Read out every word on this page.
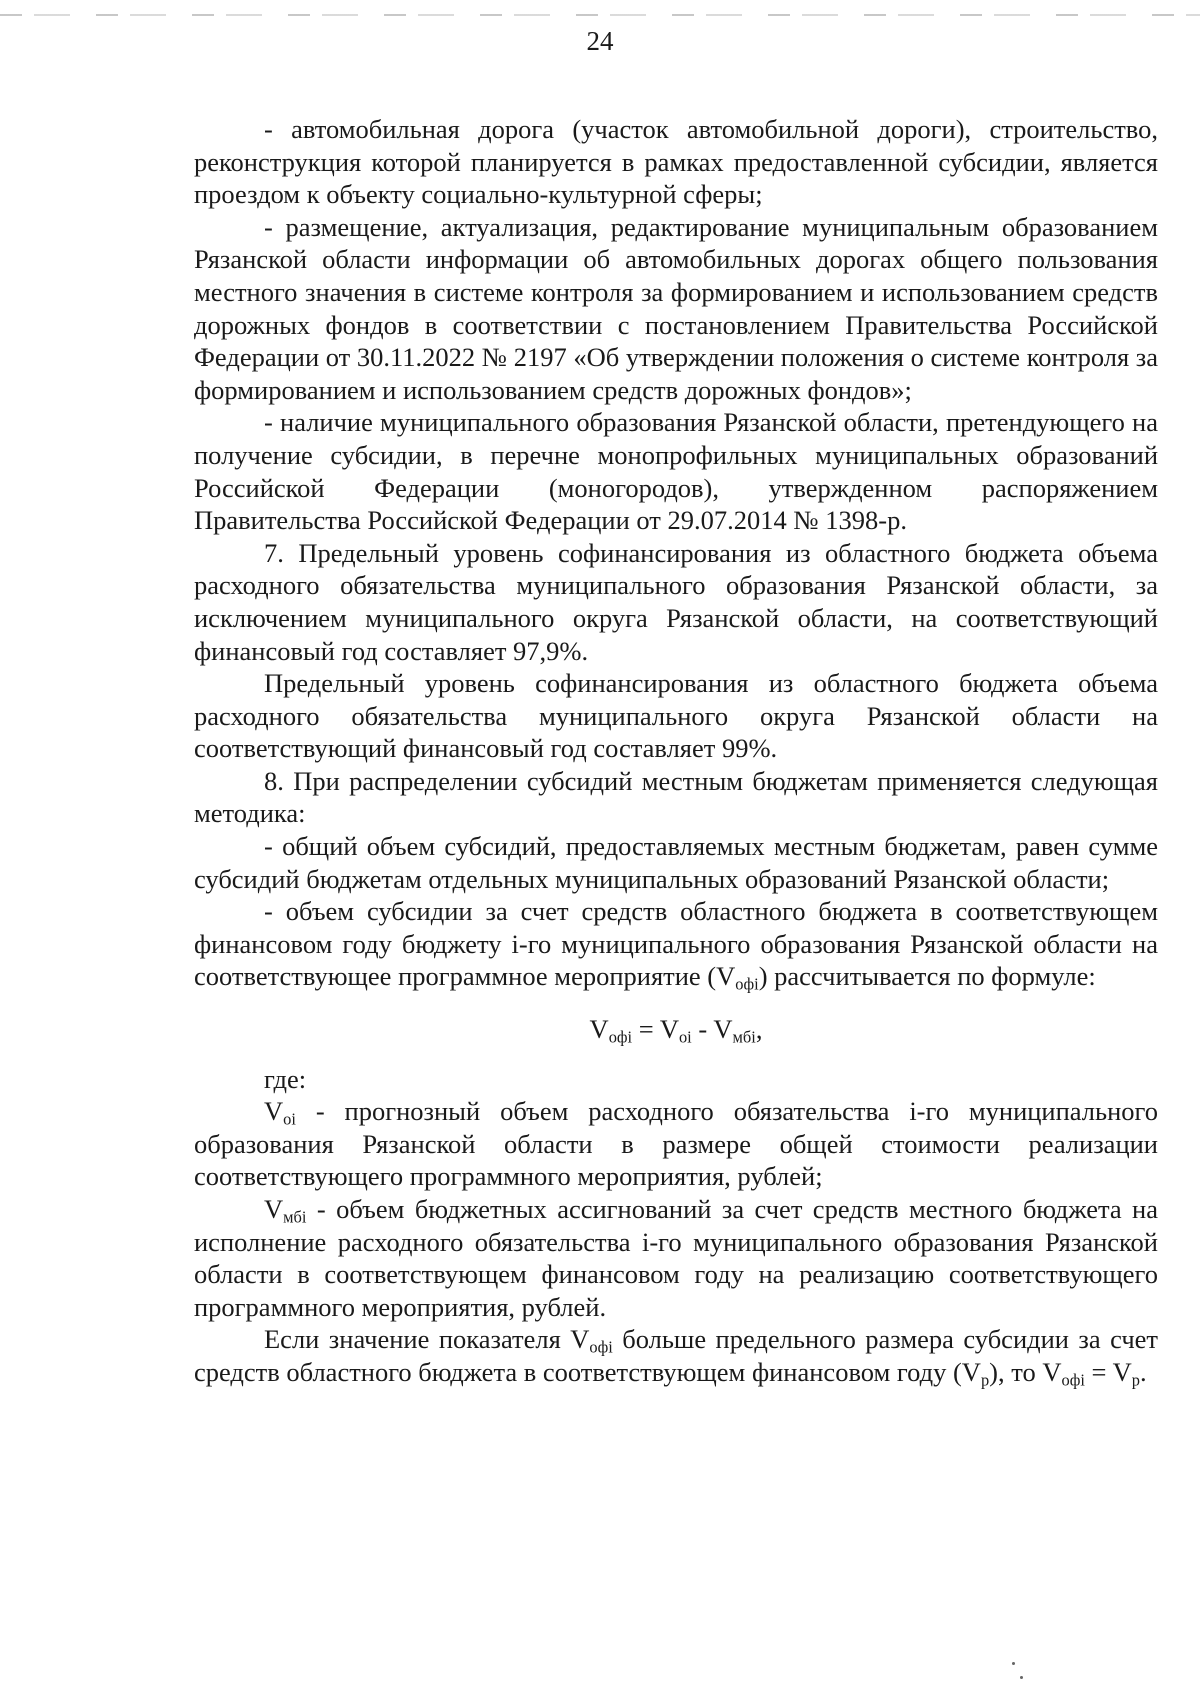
24

- автомобильная дорога (участок автомобильной дороги), строительство, реконструкция которой планируется в рамках предоставленной субсидии, является проездом к объекту социально-культурной сферы;

- размещение, актуализация, редактирование муниципальным образованием Рязанской области информации об автомобильных дорогах общего пользования местного значения в системе контроля за формированием и использованием средств дорожных фондов в соответствии с постановлением Правительства Российской Федерации от 30.11.2022 № 2197 «Об утверждении положения о системе контроля за формированием и использованием средств дорожных фондов»;

- наличие муниципального образования Рязанской области, претендующего на получение субсидии, в перечне монопрофильных муниципальных образований Российской Федерации (моногородов), утвержденном распоряжением Правительства Российской Федерации от 29.07.2014 № 1398-р.

7. Предельный уровень софинансирования из областного бюджета объема расходного обязательства муниципального образования Рязанской области, за исключением муниципального округа Рязанской области, на соответствующий финансовый год составляет 97,9%.

Предельный уровень софинансирования из областного бюджета объема расходного обязательства муниципального округа Рязанской области на соответствующий финансовый год составляет 99%.

8. При распределении субсидий местным бюджетам применяется следующая методика:

- общий объем субсидий, предоставляемых местным бюджетам, равен сумме субсидий бюджетам отдельных муниципальных образований Рязанской области;

- объем субсидии за счет средств областного бюджета в соответствующем финансовом году бюджету i-го муниципального образования Рязанской области на соответствующее программное мероприятие $(V_{офi})$ рассчитывается по формуле:

$V_{офi} = V_{оi} - V_{мбi}$,

где:

$V_{оi}$ - прогнозный объем расходного обязательства i-го муниципального образования Рязанской области в размере общей стоимости реализации соответствующего программного мероприятия, рублей;

$V_{мбi}$ - объем бюджетных ассигнований за счет средств местного бюджета на исполнение расходного обязательства i-го муниципального образования Рязанской области в соответствующем финансовом году на реализацию соответствующего программного мероприятия, рублей.

Если значение показателя $V_{офi}$ больше предельного размера субсидии за счет средств областного бюджета в соответствующем финансовом году $(V_р)$, то $V_{офi} = V_р$.
